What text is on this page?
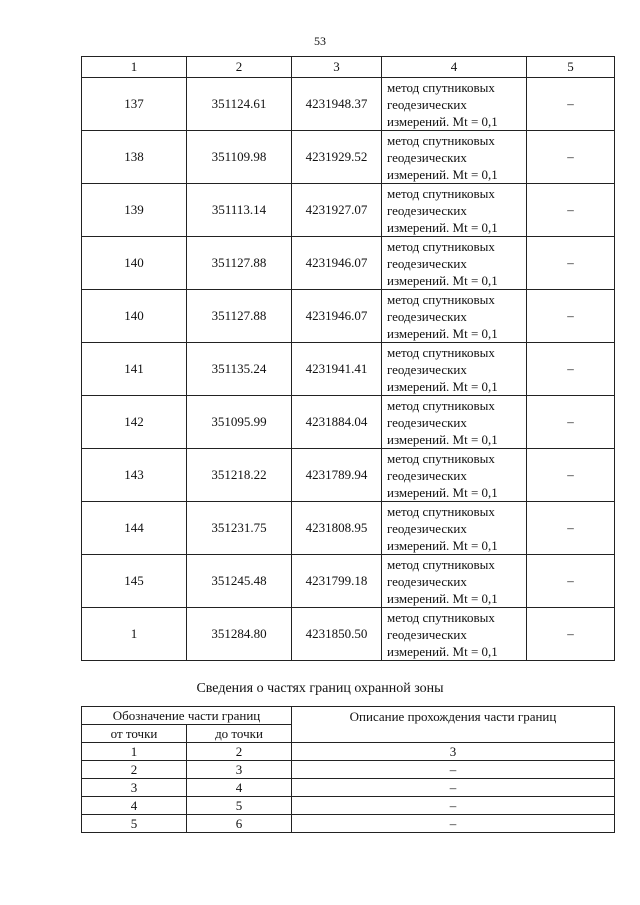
53
1	2	3	4	5
137	351124.61	4231948.37	метод спутниковых
геодезических
измерений. Mt = 0,1	–
138	351109.98	4231929.52	метод спутниковых
геодезических
измерений. Mt = 0,1	–
139	351113.14	4231927.07	метод спутниковых
геодезических
измерений. Mt = 0,1	–
140	351127.88	4231946.07	метод спутниковых
геодезических
измерений. Mt = 0,1	–
140	351127.88	4231946.07	метод спутниковых
геодезических
измерений. Mt = 0,1	–
141	351135.24	4231941.41	метод спутниковых
геодезических
измерений. Mt = 0,1	–
142	351095.99	4231884.04	метод спутниковых
геодезических
измерений. Mt = 0,1	–
143	351218.22	4231789.94	метод спутниковых
геодезических
измерений. Mt = 0,1	–
144	351231.75	4231808.95	метод спутниковых
геодезических
измерений. Mt = 0,1	–
145	351245.48	4231799.18	метод спутниковых
геодезических
измерений. Mt = 0,1	–
1	351284.80	4231850.50	метод спутниковых
геодезических
измерений. Mt = 0,1	–
Сведения о частях границ охранной зоны
Обозначение части границ		Описание прохождения части границ
от точки	до точки	
1	2	3
2	3	–
3	4	–
4	5	–
5	6	–
